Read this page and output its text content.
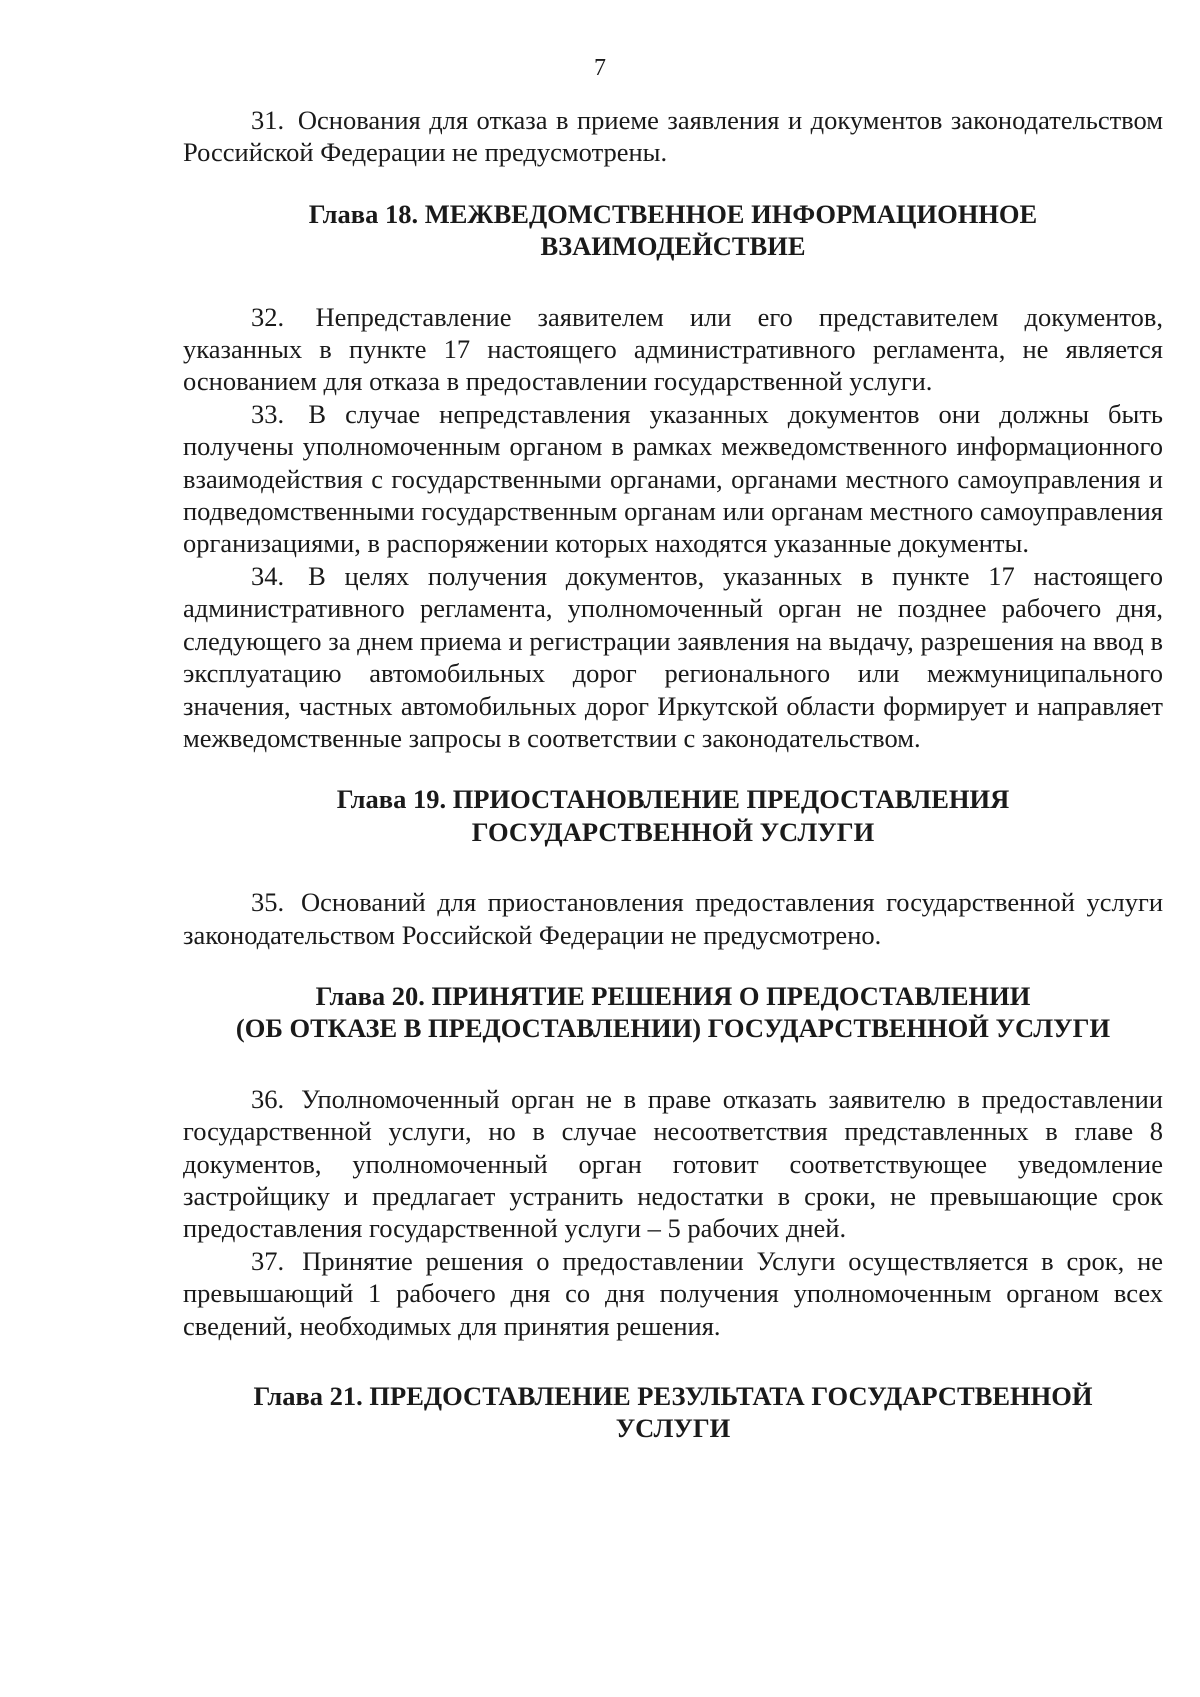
7

31. Основания для отказа в приеме заявления и документов законодательством Российской Федерации не предусмотрены.

Глава 18. МЕЖВЕДОМСТВЕННОЕ ИНФОРМАЦИОННОЕ
ВЗАИМОДЕЙСТВИЕ

32. Непредставление заявителем или его представителем документов, указанных в пункте 17 настоящего административного регламента, не является основанием для отказа в предоставлении государственной услуги.

33. В случае непредставления указанных документов они должны быть получены уполномоченным органом в рамках межведомственного информационного взаимодействия с государственными органами, органами местного самоуправления и подведомственными государственным органам или органам местного самоуправления организациями, в распоряжении которых находятся указанные документы.

34. В целях получения документов, указанных в пункте 17 настоящего административного регламента, уполномоченный орган не позднее рабочего дня, следующего за днем приема и регистрации заявления на выдачу, разрешения на ввод в эксплуатацию автомобильных дорог регионального или межмуниципального значения, частных автомобильных дорог Иркутской области формирует и направляет межведомственные запросы в соответствии с законодательством.

Глава 19. ПРИОСТАНОВЛЕНИЕ ПРЕДОСТАВЛЕНИЯ
ГОСУДАРСТВЕННОЙ УСЛУГИ

35. Оснований для приостановления предоставления государственной услуги законодательством Российской Федерации не предусмотрено.

Глава 20. ПРИНЯТИЕ РЕШЕНИЯ О ПРЕДОСТАВЛЕНИИ
(ОБ ОТКАЗЕ В ПРЕДОСТАВЛЕНИИ) ГОСУДАРСТВЕННОЙ УСЛУГИ

36. Уполномоченный орган не в праве отказать заявителю в предоставлении государственной услуги, но в случае несоответствия представленных в главе 8 документов, уполномоченный орган готовит соответствующее уведомление застройщику и предлагает устранить недостатки в сроки, не превышающие срок предоставления государственной услуги – 5 рабочих дней.

37. Принятие решения о предоставлении Услуги осуществляется в срок, не превышающий 1 рабочего дня со дня получения уполномоченным органом всех сведений, необходимых для принятия решения.

Глава 21. ПРЕДОСТАВЛЕНИЕ РЕЗУЛЬТАТА ГОСУДАРСТВЕННОЙ
УСЛУГИ
